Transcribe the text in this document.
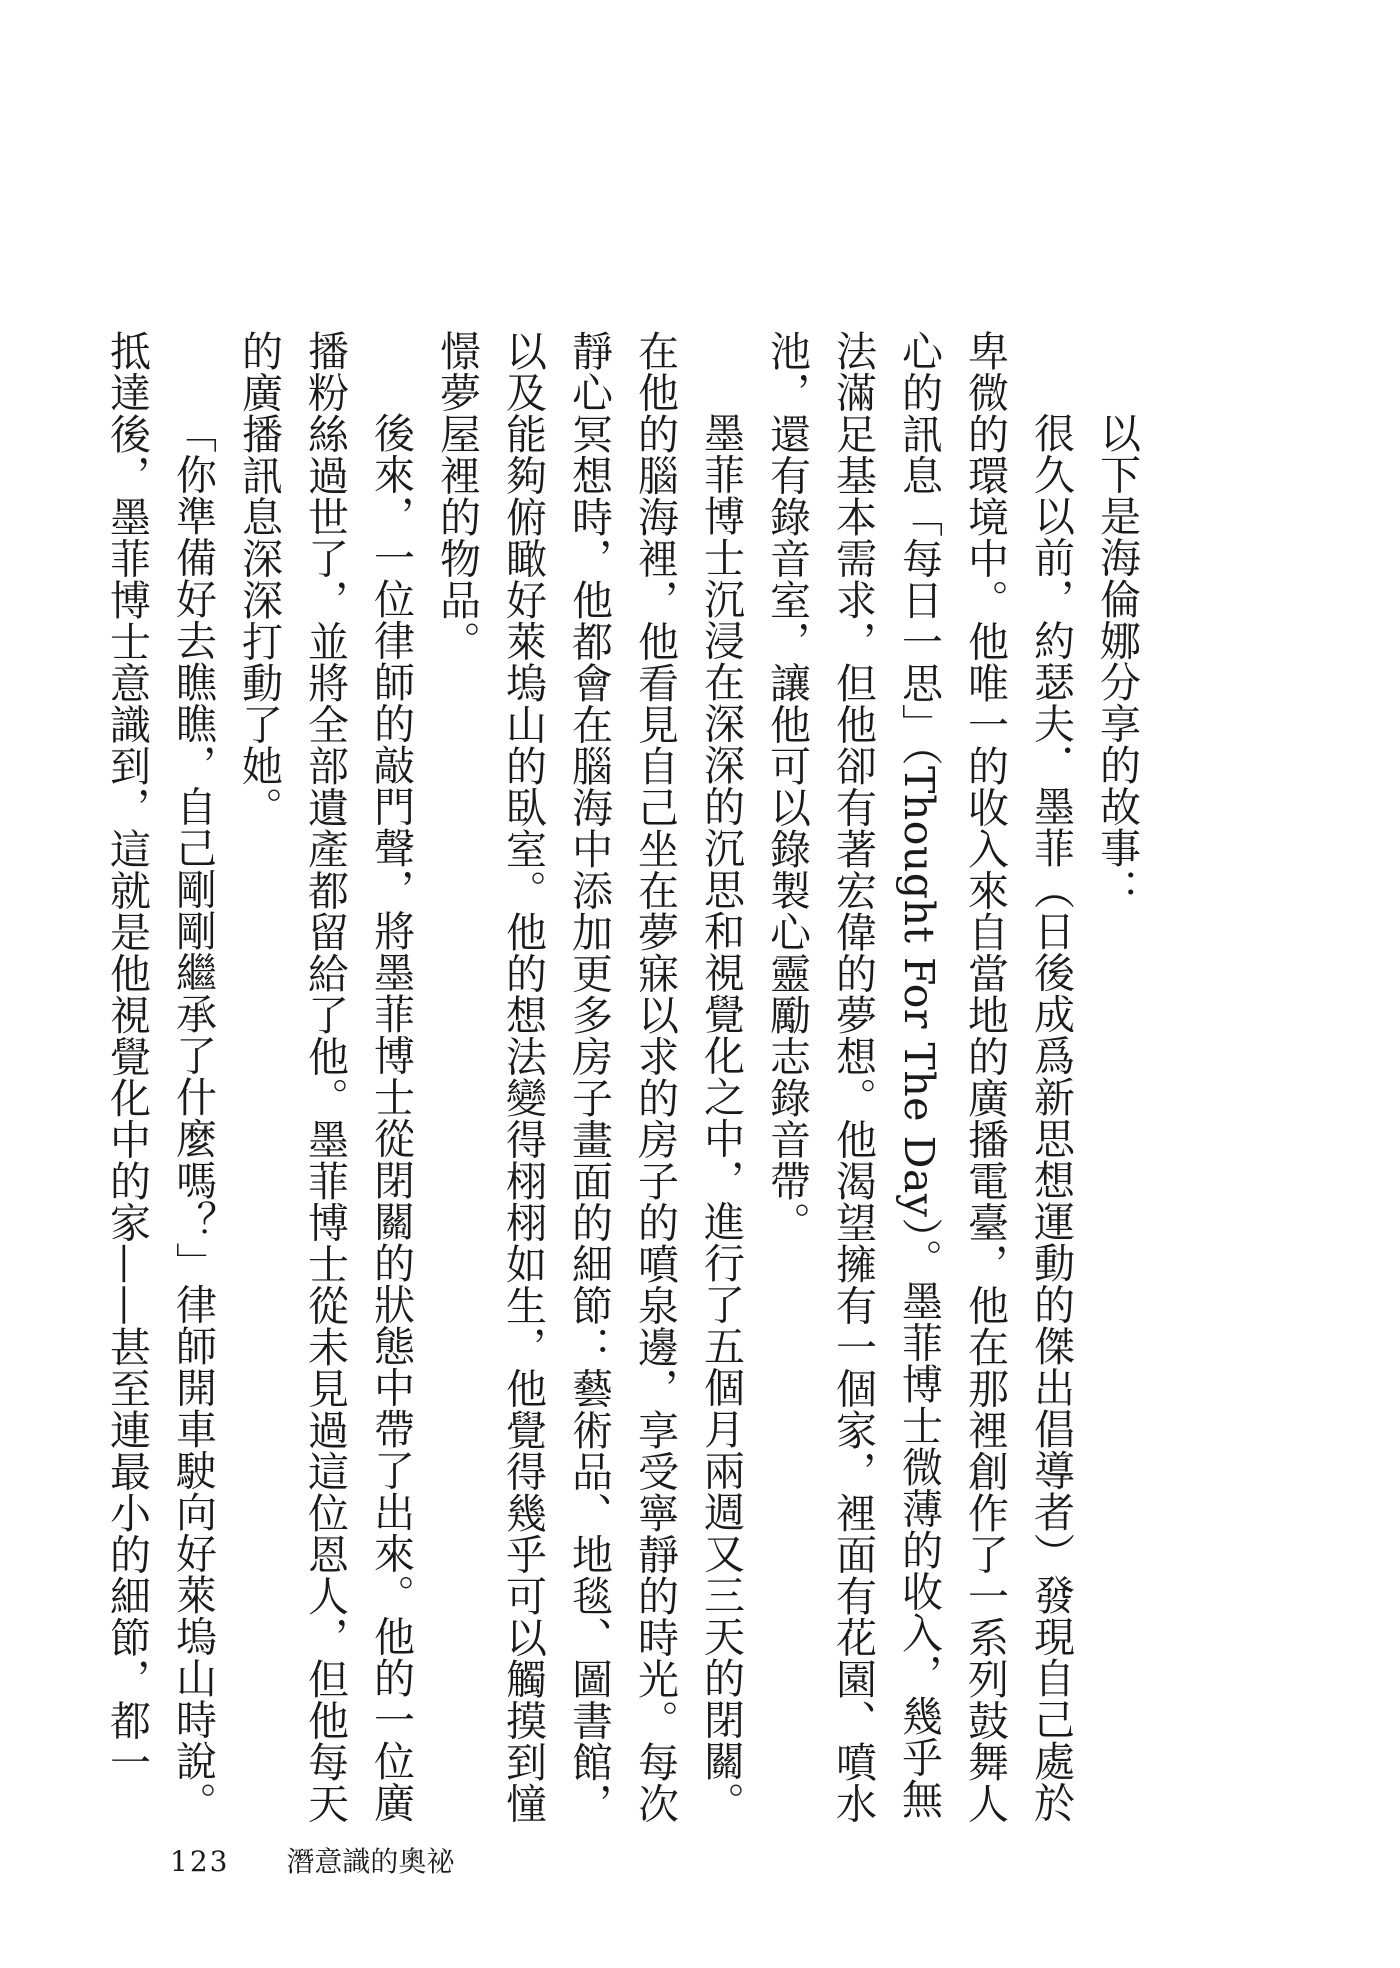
以下是海倫娜分享的故事：

很久以前，約瑟夫．墨菲（日後成爲新思想運動的傑出倡導者）發現自己處於卑微的環境中。他唯一的收入來自當地的廣播電臺，他在那裡創作了一系列鼓舞人心的訊息「每日一思」（Thought For The Day）。墨菲博士微薄的收入，幾乎無法滿足基本需求，但他卻有著宏偉的夢想。他渴望擁有一個家，裡面有花園、噴水池，還有錄音室，讓他可以錄製心靈勵志錄音帶。

墨菲博士沉浸在深深的沉思和視覺化之中，進行了五個月兩週又三天的閉關。在他的腦海裡，他看見自己坐在夢寐以求的房子的噴泉邊，享受寧靜的時光。每次靜心冥想時，他都會在腦海中添加更多房子畫面的細節：藝術品、地毯、圖書館，以及能夠俯瞰好萊塢山的臥室。他的想法變得栩栩如生，他覺得幾乎可以觸摸到憧憬夢屋裡的物品。

後來，一位律師的敲門聲，將墨菲博士從閉關的狀態中帶了出來。他的一位廣播粉絲過世了，並將全部遺產都留給了他。墨菲博士從未見過這位恩人，但他每天的廣播訊息深深打動了她。

「你準備好去瞧瞧，自己剛剛繼承了什麼嗎？」律師開車駛向好萊塢山時說。

抵達後，墨菲博士意識到，這就是他視覺化中的家——甚至連最小的細節，都一

123 潛意識的奧祕
